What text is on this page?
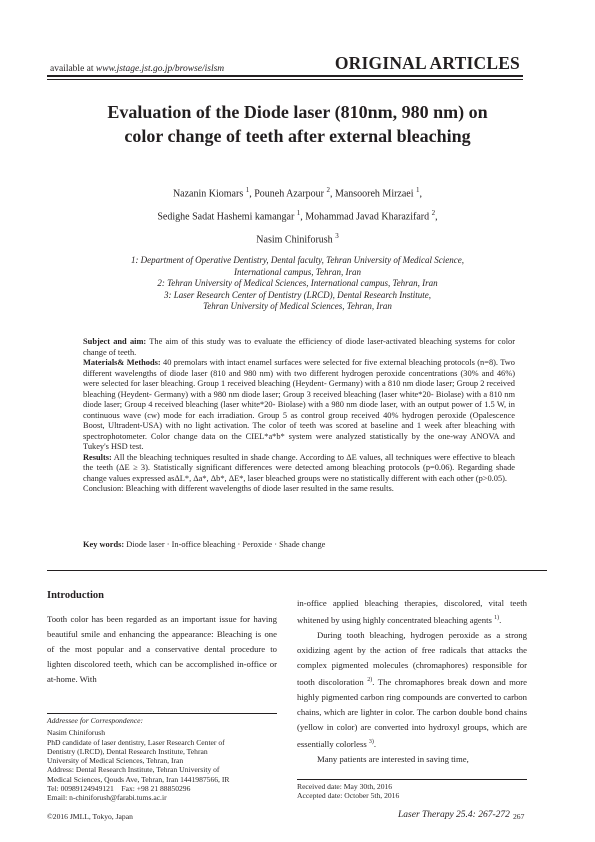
available at www.jstage.jst.go.jp/browse/islsm	ORIGINAL ARTICLES
Evaluation of the Diode laser (810nm, 980 nm) on
color change of teeth after external bleaching
Nazanin Kiomars $^1$, Pouneh Azarpour $^2$, Mansooreh Mirzaei $^1$,
Sedighe Sadat Hashemi kamangar $^1$, Mohammad Javad Kharazifard $^2$,
Nasim Chiniforush $^3$
1: Department of Operative Dentistry, Dental faculty, Tehran University of Medical Science,
International campus, Tehran, Iran
2: Tehran University of Medical Sciences, International campus, Tehran, Iran
3: Laser Research Center of Dentistry (LRCD), Dental Research Institute,
Tehran University of Medical Sciences, Tehran, Iran

Subject and aim: The aim of this study was to evaluate the efficiency of diode laser-activated bleaching systems for color change of teeth.

Materials& Methods: 40 premolars with intact enamel surfaces were selected for five external bleaching protocols (n=8). Two different wavelengths of diode laser (810 and 980 nm) with two different hydrogen peroxide concentrations (30% and 46%) were selected for laser bleaching. Group 1 received bleaching (Heydent- Germany) with a 810 nm diode laser; Group 2 received bleaching (Heydent- Germany) with a 980 nm diode laser; Group 3 received bleaching (laser white*20- Biolase) with a 810 nm diode laser; Group 4 received bleaching (laser white*20- Biolase) with a 980 nm diode laser, with an output power of 1.5 W, in continuous wave (cw) mode for each irradiation. Group 5 as control group received 40% hydrogen peroxide (Opalescence Boost, Ultradent-USA) with no light activation. The color of teeth was scored at baseline and 1 week after bleaching with spectrophotometer. Color change data on the CIEL*a*b* system were analyzed statistically by the one-way ANOVA and Tukey's HSD test.

Results: All the bleaching techniques resulted in shade change. According to ΔE values, all techniques were effective to bleach the teeth (ΔE ≥ 3). Statistically significant differences were detected among bleaching protocols (p=0.06). Regarding shade change values expressed asΔL*, Δa*, Δb*, ΔE*, laser bleached groups were no statistically different with each other (p>0.05).

Conclusion: Bleaching with different wavelengths of diode laser resulted in the same results.

Key words: Diode laser · In-office bleaching · Peroxide · Shade change
Introduction

Tooth color has been regarded as an important issue for having beautiful smile and enhancing the appearance: Bleaching is one of the most popular and a conservative dental procedure to lighten discolored teeth, which can be accomplished in-office or at-home. With

in-office applied bleaching therapies, discolored, vital teeth whitened by using highly concentrated bleaching agents $^{1)}$.

During tooth bleaching, hydrogen peroxide as a strong oxidizing agent by the action of free radicals that attacks the complex pigmented molecules (chromaphores) responsible for tooth discoloration $^{2)}$. The chromaphores break down and more highly pigmented carbon ring compounds are converted to carbon chains, which are lighter in color. The carbon double bond chains (yellow in color) are converted into hydroxyl groups, which are essentially colorless $^{3)}$.

Many patients are interested in saving time,

Addressee for Correspondence:
Nasim Chiniforush
PhD candidate of laser dentistry, Laser Research Center of
Dentistry (LRCD), Dental Research Institute, Tehran
University of Medical Sciences, Tehran, Iran
Address: Dental Research Institute, Tehran University of
Medical Sciences, Qouds Ave, Tehran, Iran 1441987566, IR
Tel: 00989124949121    Fax: +98 21 88850296
Email: n-chiniforush@farabi.tums.ac.ir
Received date: May 30th, 2016
Accepted date: October 5th, 2016
©2016 JMLL, Tokyo, Japan	Laser Therapy 25.4: 267-272 267
